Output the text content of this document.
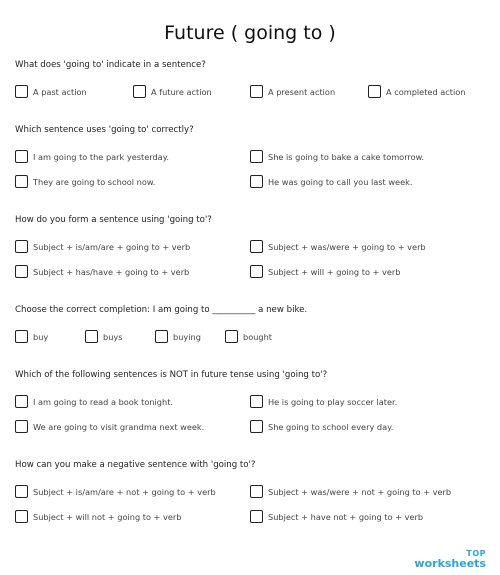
Future ( going to )
What does 'going to' indicate in a sentence?
A past action	A future action	A present action	A completed action
Which sentence uses 'going to' correctly?
I am going to the park yesterday.	She is going to bake a cake tomorrow.
They are going to school now.	He was going to call you last week.
How do you form a sentence using 'going to'?
Subject + is/am/are + going to + verb	Subject + was/were + going to + verb
Subject + has/have + going to + verb	Subject + will + going to + verb
Choose the correct completion: I am going to __________ a new bike.
buy	buys	buying	bought
Which of the following sentences is NOT in future tense using 'going to'?
I am going to read a book tonight.	He is going to play soccer later.
We are going to visit grandma next week.	She going to school every day.
How can you make a negative sentence with 'going to'?
Subject + is/am/are + not + going to + verb	Subject + was/were + not + going to + verb
Subject + will not + going to + verb	Subject + have not + going to + verb
TOP
worksheets
